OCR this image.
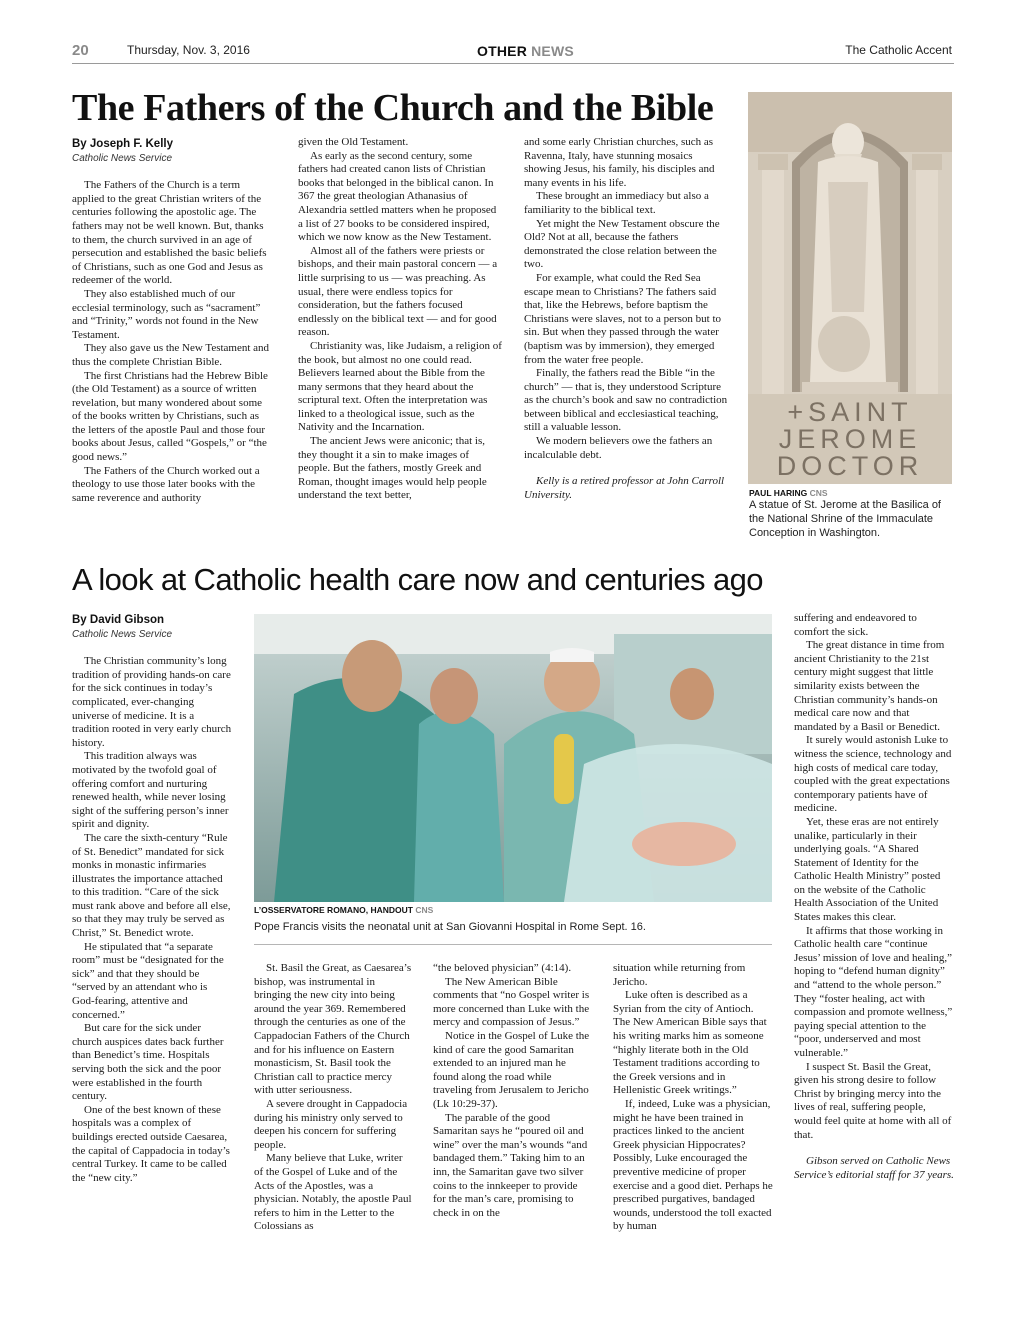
20	Thursday, Nov. 3, 2016	OTHER NEWS	The Catholic Accent
The Fathers of the Church and the Bible
By Joseph F. Kelly
Catholic News Service

The Fathers of the Church is a term applied to the great Christian writers of the centuries following the apostolic age. The fathers may not be well known. But, thanks to them, the church survived in an age of persecution and established the basic beliefs of Christians, such as one God and Jesus as redeemer of the world.

They also established much of our ecclesial terminology, such as “sacrament” and “Trinity,” words not found in the New Testament.

They also gave us the New Testament and thus the complete Christian Bible.

The first Christians had the Hebrew Bible (the Old Testament) as a source of written revelation, but many wondered about some of the books written by Christians, such as the letters of the apostle Paul and those four books about Jesus, called “Gospels,” or “the good news.”

The Fathers of the Church worked out a theology to use those later books with the same reverence and authority

given the Old Testament.

As early as the second century, some fathers had created canon lists of Christian books that belonged in the biblical canon. In 367 the great theologian Athanasius of Alexandria settled matters when he proposed a list of 27 books to be considered inspired, which we now know as the New Testament.

Almost all of the fathers were priests or bishops, and their main pastoral concern — a little surprising to us — was preaching. As usual, there were endless topics for consideration, but the fathers focused endlessly on the biblical text — and for good reason.

Christianity was, like Judaism, a religion of the book, but almost no one could read. Believers learned about the Bible from the many sermons that they heard about the scriptural text. Often the interpretation was linked to a theological issue, such as the Nativity and the Incarnation.

The ancient Jews were aniconic; that is, they thought it a sin to make images of people. But the fathers, mostly Greek and Roman, thought images would help people understand the text better,

and some early Christian churches, such as Ravenna, Italy, have stunning mosaics showing Jesus, his family, his disciples and many events in his life.

These brought an immediacy but also a familiarity to the biblical text.

Yet might the New Testament obscure the Old? Not at all, because the fathers demonstrated the close relation between the two.

For example, what could the Red Sea escape mean to Christians? The fathers said that, like the Hebrews, before baptism the Christians were slaves, not to a person but to sin. But when they passed through the water (baptism was by immersion), they emerged from the water free people.

Finally, the fathers read the Bible “in the church” — that is, they understood Scripture as the church’s book and saw no contradiction between biblical and ecclesiastical teaching, still a valuable lesson.

We modern believers owe the fathers an incalculable debt.

Kelly is a retired professor at John Carroll University.

+SAINT
JEROME
DOCTOR
PAUL HARING CNS
A statue of St. Jerome at the Basilica of the National Shrine of the Immaculate Conception in Washington.
A look at Catholic health care now and centuries ago
By David Gibson
Catholic News Service

The Christian community’s long tradition of providing hands-on care for the sick continues in today’s complicated, ever-changing universe of medicine. It is a tradition rooted in very early church history.

This tradition always was motivated by the twofold goal of offering comfort and nurturing renewed health, while never losing sight of the suffering person’s inner spirit and dignity.

The care the sixth-century “Rule of St. Benedict” mandated for sick monks in monastic infirmaries illustrates the importance attached to this tradition. “Care of the sick must rank above and before all else, so that they may truly be served as Christ,” St. Benedict wrote.

He stipulated that “a separate room” must be “designated for the sick” and that they should be “served by an attendant who is God-fearing, attentive and concerned.”

But care for the sick under church auspices dates back further than Benedict’s time. Hospitals serving both the sick and the poor were established in the fourth century.

One of the best known of these hospitals was a complex of buildings erected outside Caesarea, the capital of Cappadocia in today’s central Turkey. It came to be called the “new city.”

L’OSSERVATORE ROMANO, HANDOUT CNS
Pope Francis visits the neonatal unit at San Giovanni Hospital in Rome Sept. 16.

St. Basil the Great, as Caesarea’s bishop, was instrumental in bringing the new city into being around the year 369. Remembered through the centuries as one of the Cappadocian Fathers of the Church and for his influence on Eastern monasticism, St. Basil took the Christian call to practice mercy with utter seriousness.

A severe drought in Cappadocia during his ministry only served to deepen his concern for suffering people.

Many believe that Luke, writer of the Gospel of Luke and of the Acts of the Apostles, was a physician. Notably, the apostle Paul refers to him in the Letter to the Colossians as

“the beloved physician” (4:14).

The New American Bible comments that “no Gospel writer is more concerned than Luke with the mercy and compassion of Jesus.”

Notice in the Gospel of Luke the kind of care the good Samaritan extended to an injured man he found along the road while traveling from Jerusalem to Jericho (Lk 10:29-37).

The parable of the good Samaritan says he “poured oil and wine” over the man’s wounds “and bandaged them.” Taking him to an inn, the Samaritan gave two silver coins to the innkeeper to provide for the man’s care, promising to check in on the

situation while returning from Jericho.

Luke often is described as a Syrian from the city of Antioch. The New American Bible says that his writing marks him as someone “highly literate both in the Old Testament traditions according to the Greek versions and in Hellenistic Greek writings.”

If, indeed, Luke was a physician, might he have been trained in practices linked to the ancient Greek physician Hippocrates? Possibly, Luke encouraged the preventive medicine of proper exercise and a good diet. Perhaps he prescribed purgatives, bandaged wounds, understood the toll exacted by human

suffering and endeavored to comfort the sick.

The great distance in time from ancient Christianity to the 21st century might suggest that little similarity exists between the Christian community’s hands-on medical care now and that mandated by a Basil or Benedict.

It surely would astonish Luke to witness the science, technology and high costs of medical care today, coupled with the great expectations contemporary patients have of medicine.

Yet, these eras are not entirely unalike, particularly in their underlying goals. “A Shared Statement of Identity for the Catholic Health Ministry” posted on the website of the Catholic Health Association of the United States makes this clear.

It affirms that those working in Catholic health care “continue Jesus’ mission of love and healing,” hoping to “defend human dignity” and “attend to the whole person.” They “foster healing, act with compassion and promote wellness,” paying special attention to the “poor, underserved and most vulnerable.”

I suspect St. Basil the Great, given his strong desire to follow Christ by bringing mercy into the lives of real, suffering people, would feel quite at home with all of that.

Gibson served on Catholic News Service’s editorial staff for 37 years.
